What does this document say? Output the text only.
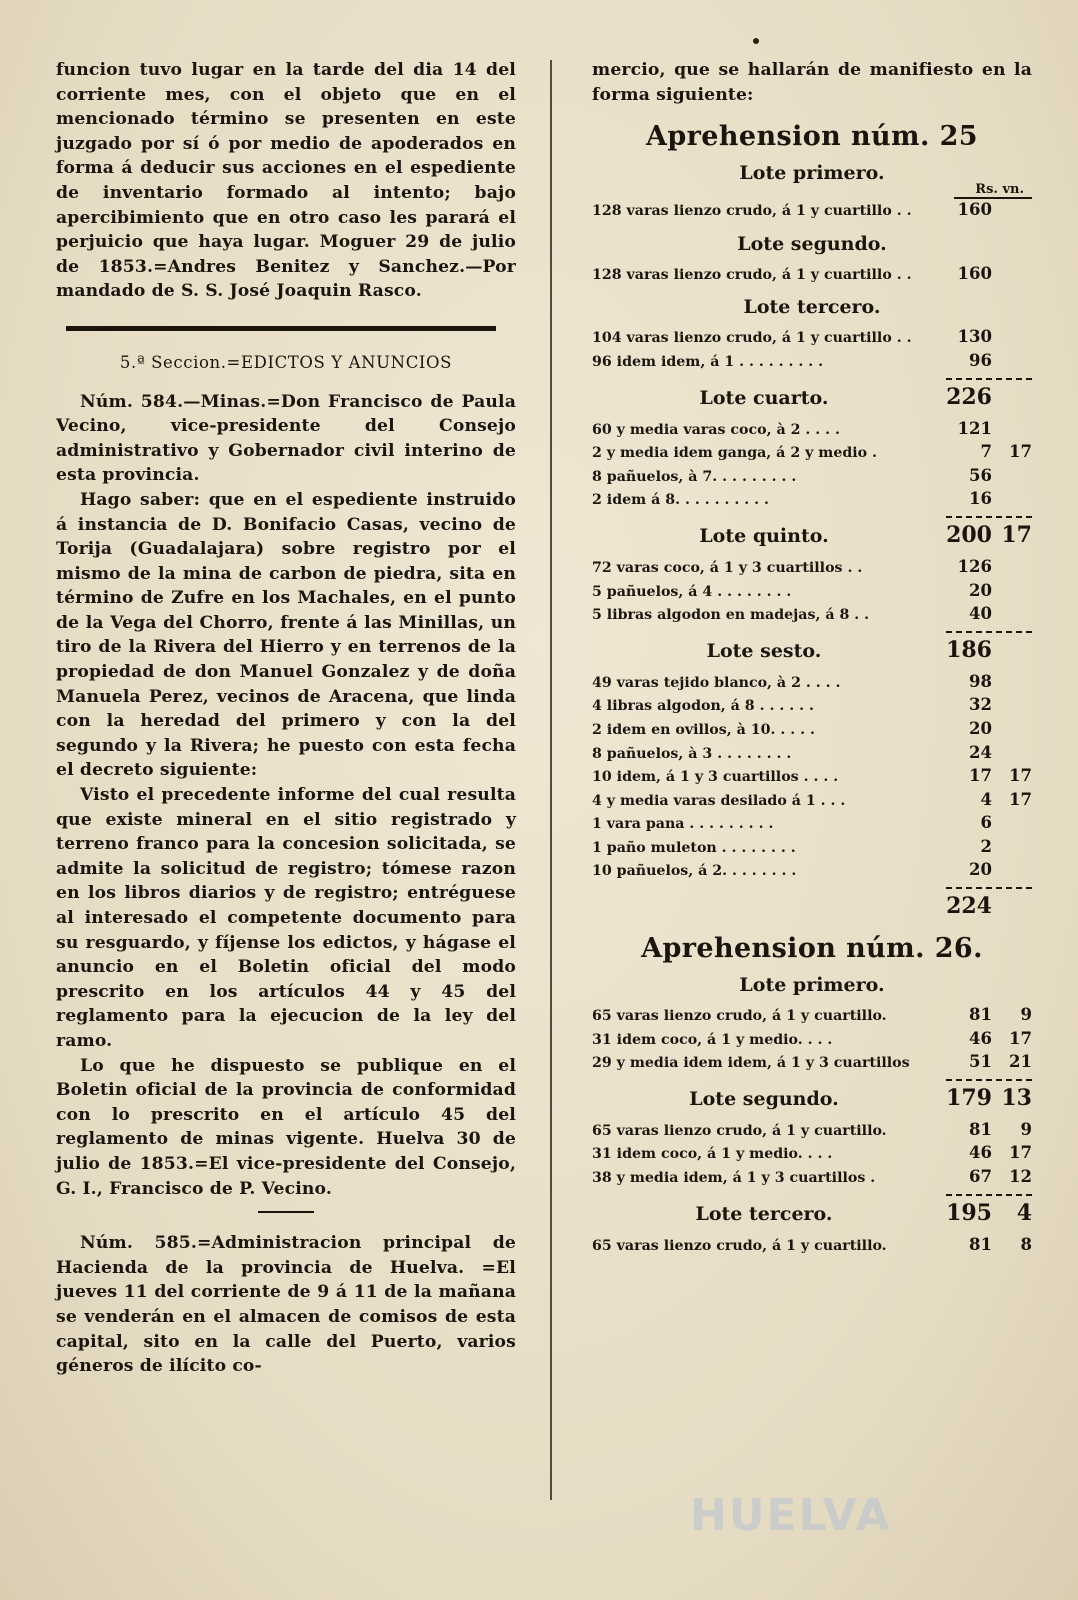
funcion tuvo lugar en la tarde del dia 14 del corriente mes, con el objeto que en el mencionado término se presenten en este juzgado por sí ó por medio de apoderados en forma á deducir sus acciones en el espediente de inventario formado al intento; bajo apercibimiento que en otro caso les parará el perjuicio que haya lugar. Moguer 29 de julio de 1853.=Andres Benitez y Sanchez.—Por mandado de S. S. José Joaquin Rasco.

5.ª Seccion.=EDICTOS Y ANUNCIOS

Núm. 584.—Minas.=Don Francisco de Paula Vecino, vice-presidente del Consejo administrativo y Gobernador civil interino de esta provincia.

Hago saber: que en el espediente instruido á instancia de D. Bonifacio Casas, vecino de Torija (Guadalajara) sobre registro por el mismo de la mina de carbon de piedra, sita en término de Zufre en los Machales, en el punto de la Vega del Chorro, frente á las Minillas, un tiro de la Rivera del Hierro y en terrenos de la propiedad de don Manuel Gonzalez y de doña Manuela Perez, vecinos de Aracena, que linda con la heredad del primero y con la del segundo y la Rivera; he puesto con esta fecha el decreto siguiente:

Visto el precedente informe del cual resulta que existe mineral en el sitio registrado y terreno franco para la concesion solicitada, se admite la solicitud de registro; tómese razon en los libros diarios y de registro; entréguese al interesado el competente documento para su resguardo, y fíjense los edictos, y hágase el anuncio en el Boletin oficial del modo prescrito en los artículos 44 y 45 del reglamento para la ejecucion de la ley del ramo.

Lo que he dispuesto se publique en el Boletin oficial de la provincia de conformidad con lo prescrito en el artículo 45 del reglamento de minas vigente. Huelva 30 de julio de 1853.=El vice-presidente del Consejo, G. I., Francisco de P. Vecino.

Núm. 585.=Administracion principal de Hacienda de la provincia de Huelva. =El jueves 11 del corriente de 9 á 11 de la mañana se venderán en el almacen de comisos de esta capital, sito en la calle del Puerto, varios géneros de ilícito co-

mercio, que se hallarán de manifiesto en la forma siguiente:

Aprehension núm. 25
Lote primero.
Rs. vn.
128 varas lienzo crudo, á 1 y cuartillo . .	160
Lote segundo.
128 varas lienzo crudo, á 1 y cuartillo . .	160
Lote tercero.
104 varas lienzo crudo, á 1 y cuartillo . .	130
96 idem idem, á 1 . . . . . . . . .	96
Lote cuarto.	226
60 y media varas coco, à 2 . . . .	121
2 y media idem ganga, á 2 y medio .	7	17
8 pañuelos, à 7. . . . . . . . .	56
2 idem á 8. . . . . . . . . .	16
Lote quinto.	200 17
72 varas coco, á 1 y 3 cuartillos . .	126
5 pañuelos, á 4 . . . . . . . .	20
5 libras algodon en madejas, á 8 . .	40
Lote sesto.	186
49 varas tejido blanco, à 2 . . . .	98
4 libras algodon, á 8 . . . . . .	32
2 idem en ovillos, à 10. . . . .	20
8 pañuelos, à 3 . . . . . . . .	24
10 idem, á 1 y 3 cuartillos . . . .	17	17
4 y media varas desilado á 1 . . .	4	17
1 vara pana . . . . . . . . .	6
1 paño muleton . . . . . . . .	2
10 pañuelos, á 2. . . . . . . .	20
224
Aprehension núm. 26.
Lote primero.
65 varas lienzo crudo, á 1 y cuartillo.	81	9
31 idem coco, á 1 y medio. . . .	46	17
29 y media idem idem, á 1 y 3 cuartillos	51	21
Lote segundo.	179 13
65 varas lienzo crudo, á 1 y cuartillo.	81	9
31 idem coco, á 1 y medio. . . .	46	17
38 y media idem, á 1 y 3 cuartillos .	67	12
Lote tercero.	195	4
65 varas lienzo crudo, á 1 y cuartillo.	81	8
HUELVA
